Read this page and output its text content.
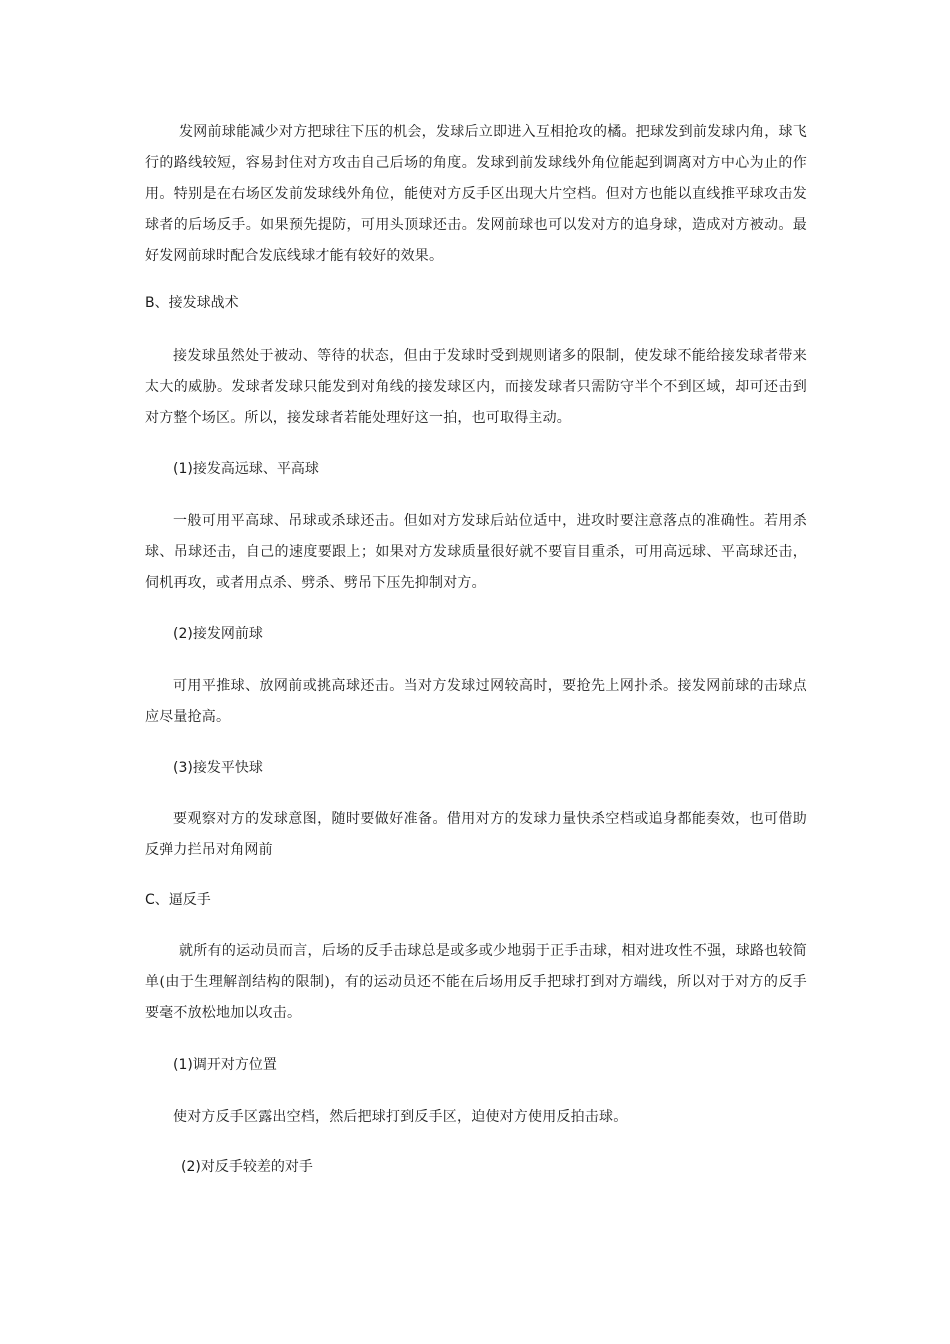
发网前球能减少对方把球往下压的机会，发球后立即进入互相抢攻的橘。把球发到前发球内角，球飞行的路线较短，容易封住对方攻击自己后场的角度。发球到前发球线外角位能起到调离对方中心为止的作用。特别是在右场区发前发球线外角位，能使对方反手区出现大片空档。但对方也能以直线推平球攻击发球者的后场反手。如果预先提防，可用头顶球还击。发网前球也可以发对方的追身球，造成对方被动。最好发网前球时配合发底线球才能有较好的效果。

B、接发球战术

接发球虽然处于被动、等待的状态，但由于发球时受到规则诸多的限制，使发球不能给接发球者带来太大的威胁。发球者发球只能发到对角线的接发球区内，而接发球者只需防守半个不到区域，却可还击到对方整个场区。所以，接发球者若能处理好这一拍，也可取得主动。

(1)接发高远球、平高球

一般可用平高球、吊球或杀球还击。但如对方发球后站位适中，进攻时要注意落点的准确性。若用杀球、吊球还击，自己的速度要跟上；如果对方发球质量很好就不要盲目重杀，可用高远球、平高球还击，伺机再攻，或者用点杀、劈杀、劈吊下压先抑制对方。

(2)接发网前球

可用平推球、放网前或挑高球还击。当对方发球过网较高时，要抢先上网扑杀。接发网前球的击球点应尽量抢高。

(3)接发平快球

要观察对方的发球意图，随时要做好准备。借用对方的发球力量快杀空档或追身都能奏效，也可借助反弹力拦吊对角网前

C、逼反手

就所有的运动员而言，后场的反手击球总是或多或少地弱于正手击球，相对进攻性不强，球路也较简单(由于生理解剖结构的限制)，有的运动员还不能在后场用反手把球打到对方端线，所以对于对方的反手要毫不放松地加以攻击。

(1)调开对方位置

使对方反手区露出空档，然后把球打到反手区，迫使对方使用反拍击球。

(2)对反手较差的对手
